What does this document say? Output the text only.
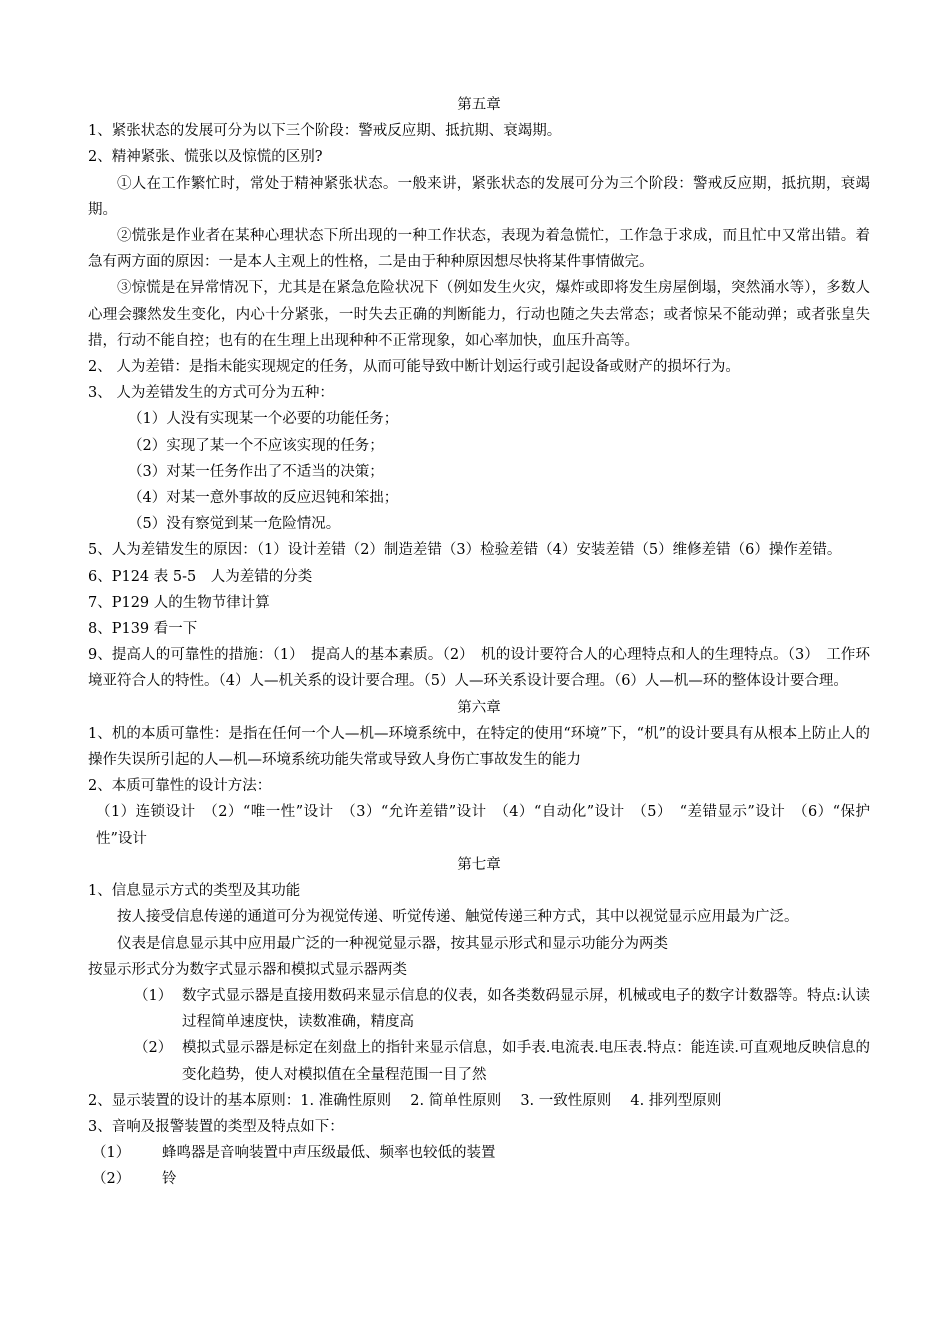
第五章

1、紧张状态的发展可分为以下三个阶段：警戒反应期、抵抗期、衰竭期。

2、精神紧张、慌张以及惊慌的区别?

①人在工作繁忙时，常处于精神紧张状态。一般来讲，紧张状态的发展可分为三个阶段：警戒反应期，抵抗期，衰竭期。

②慌张是作业者在某种心理状态下所出现的一种工作状态，表现为着急慌忙，工作急于求成，而且忙中又常出错。着急有两方面的原因：一是本人主观上的性格，二是由于种种原因想尽快将某件事情做完。

③惊慌是在异常情况下，尤其是在紧急危险状况下（例如发生火灾，爆炸或即将发生房屋倒塌，突然涌水等），多数人心理会骤然发生变化，内心十分紧张，一时失去正确的判断能力，行动也随之失去常态；或者惊呆不能动弹；或者张皇失措，行动不能自控；也有的在生理上出现种种不正常现象，如心率加快，血压升高等。

2、 人为差错：是指未能实现规定的任务，从而可能导致中断计划运行或引起设备或财产的损坏行为。

3、 人为差错发生的方式可分为五种：

（1）人没有实现某一个必要的功能任务；

（2）实现了某一个不应该实现的任务；

（3）对某一任务作出了不适当的决策；

（4）对某一意外事故的反应迟钝和笨拙；

（5）没有察觉到某一危险情况。

5、人为差错发生的原因：（1）设计差错（2）制造差错（3）检验差错（4）安装差错（5）维修差错（6）操作差错。

6、P124 表 5-5　人为差错的分类

7、P129 人的生物节律计算

8、P139 看一下

9、提高人的可靠性的措施：（1）　提高人的基本素质。（2）　机的设计要符合人的心理特点和人的生理特点。（3）　工作环境亚符合人的特性。（4）人—机关系的设计要合理。（5）人—环关系设计要合理。（6）人—机—环的整体设计要合理。

第六章

1、机的本质可靠性：是指在任何一个人—机—环境系统中，在特定的使用“环境”下，“机”的设计要具有从根本上防止人的操作失误所引起的人—机—环境系统功能失常或导致人身伤亡事故发生的能力

2、本质可靠性的设计方法：

（1）连锁设计　（2）“唯一性”设计　（3）“允许差错”设计　（4）“自动化”设计　（5）　“差错显示”设计　（6）“保护性”设计

第七章

1、信息显示方式的类型及其功能

按人接受信息传递的通道可分为视觉传递、听觉传递、触觉传递三种方式，其中以视觉显示应用最为广泛。

仪表是信息显示其中应用最广泛的一种视觉显示器，按其显示形式和显示功能分为两类

按显示形式分为数字式显示器和模拟式显示器两类

（1） 数字式显示器是直接用数码来显示信息的仪表，如各类数码显示屏，机械或电子的数字计数器等。特点:认读过程简单速度快，读数准确，精度高
（2） 模拟式显示器是标定在刻盘上的指针来显示信息，如手表.电流表.电压表.特点：能连读.可直观地反映信息的变化趋势，使人对模拟值在全量程范围一目了然

2、显示装置的设计的基本原则：1. 准确性原则　 2. 简单性原则　 3. 一致性原则　 4. 排列型原则

3、音响及报警装置的类型及特点如下：

（1）	蜂鸣器是音响装置中声压级最低、频率也较低的装置
（2）	铃
